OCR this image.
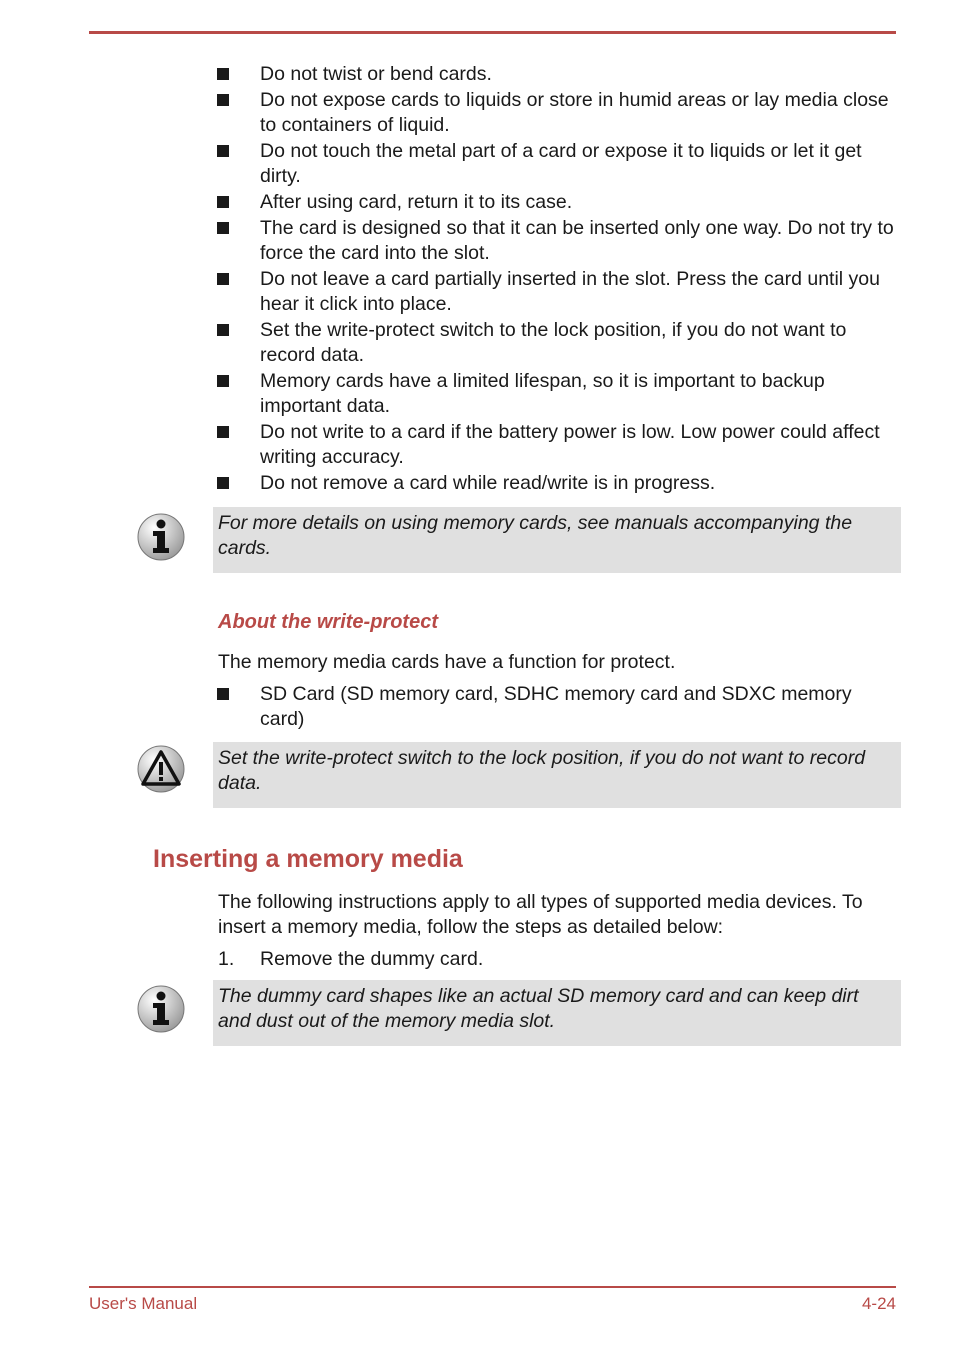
Do not twist or bend cards.
Do not expose cards to liquids or store in humid areas or lay media close to containers of liquid.
Do not touch the metal part of a card or expose it to liquids or let it get dirty.
After using card, return it to its case.
The card is designed so that it can be inserted only one way. Do not try to force the card into the slot.
Do not leave a card partially inserted in the slot. Press the card until you hear it click into place.
Set the write-protect switch to the lock position, if you do not want to record data.
Memory cards have a limited lifespan, so it is important to backup important data.
Do not write to a card if the battery power is low. Low power could affect writing accuracy.
Do not remove a card while read/write is in progress.
For more details on using memory cards, see manuals accompanying the cards.
About the write-protect
The memory media cards have a function for protect.
SD Card (SD memory card, SDHC memory card and SDXC memory card)
Set the write-protect switch to the lock position, if you do not want to record data.
Inserting a memory media
The following instructions apply to all types of supported media devices. To insert a memory media, follow the steps as detailed below:
1. Remove the dummy card.
The dummy card shapes like an actual SD memory card and can keep dirt and dust out of the memory media slot.
User's Manual	4-24
